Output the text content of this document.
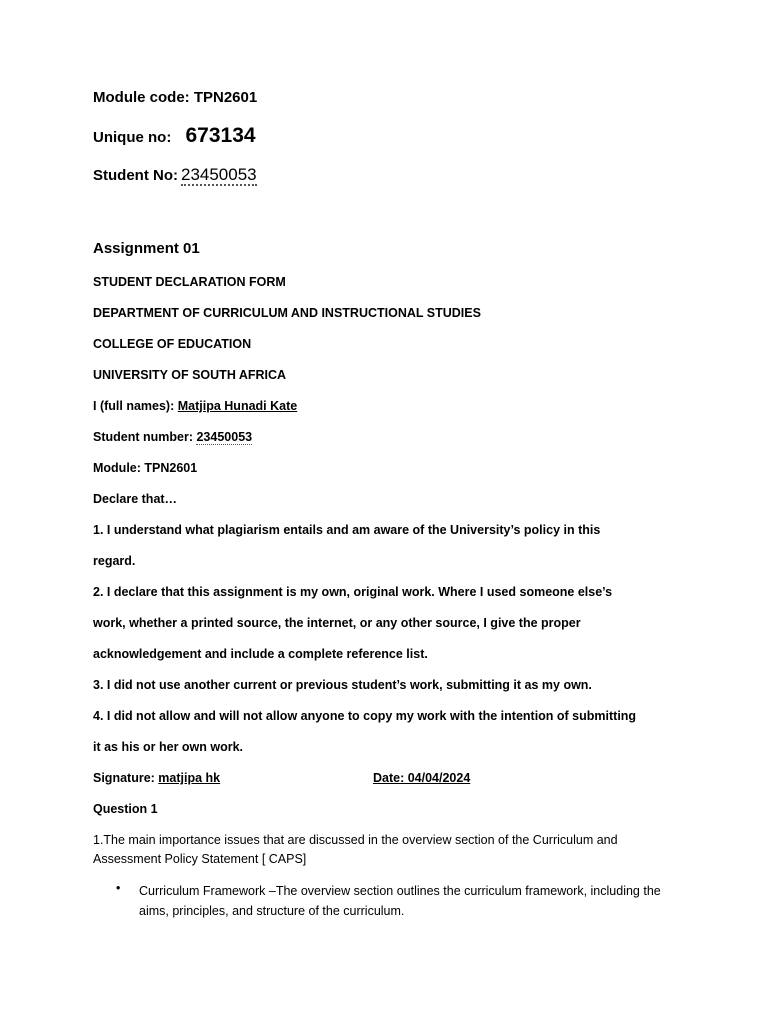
Module code: TPN2601
Unique no: 673134
Student No: 23450053
Assignment 01
STUDENT DECLARATION FORM
DEPARTMENT OF CURRICULUM AND INSTRUCTIONAL STUDIES
COLLEGE OF EDUCATION
UNIVERSITY OF SOUTH AFRICA
I (full names): Matjipa Hunadi Kate
Student number: 23450053
Module: TPN2601
Declare that…
1. I understand what plagiarism entails and am aware of the University’s policy in this
regard.
2. I declare that this assignment is my own, original work. Where I used someone else’s
work, whether a printed source, the internet, or any other source, I give the proper
acknowledgement and include a complete reference list.
3. I did not use another current or previous student’s work, submitting it as my own.
4. I did not allow and will not allow anyone to copy my work with the intention of submitting
it as his or her own work.
Signature: matjipa hk	Date: 04/04/2024
Question 1
1.The main importance issues that are discussed in the overview section of the Curriculum and Assessment Policy Statement [ CAPS]
• Curriculum Framework –The overview section outlines the curriculum framework, including the aims, principles, and structure of the curriculum.
